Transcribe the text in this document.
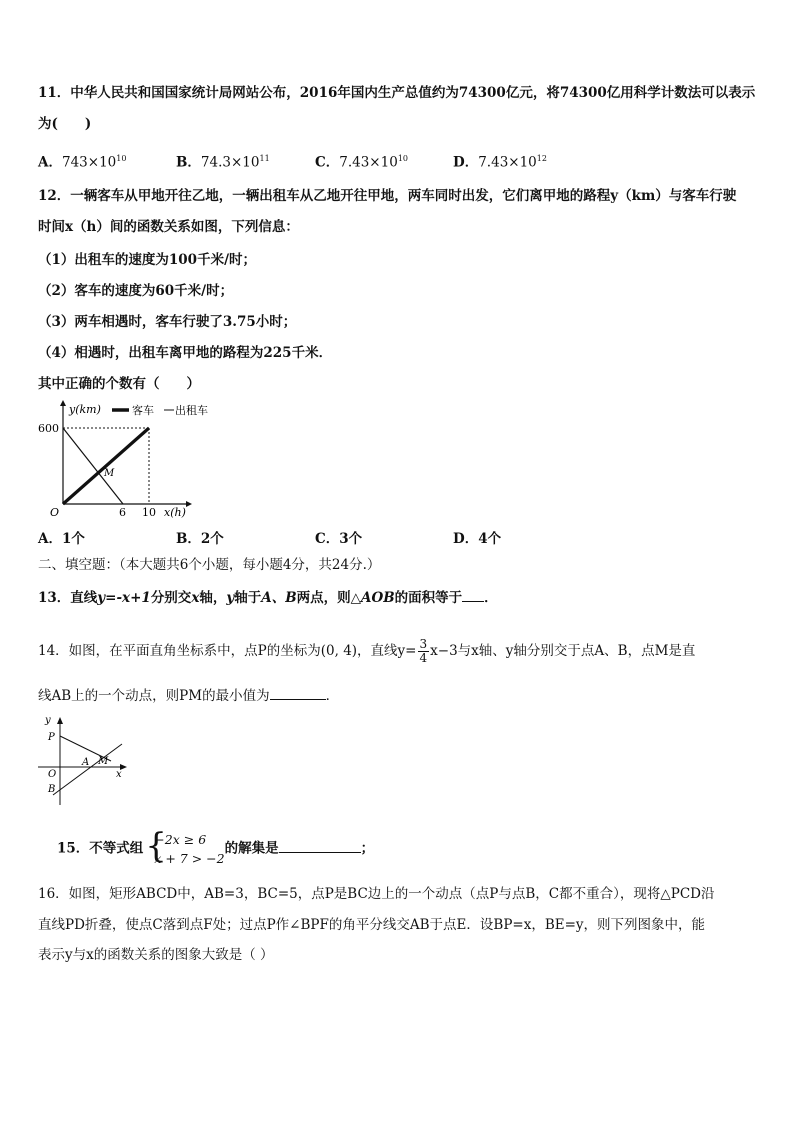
11．中华人民共和国国家统计局网站公布，2016年国内生产总值约为74300亿元，将74300亿用科学计数法可以表示
为(　　)
A．$743\times 10^{10}$	B．$74.3\times 10^{11}$	C．$7.43\times 10^{10}$	D．$7.43\times 10^{12}$
12．一辆客车从甲地开往乙地，一辆出租车从乙地开往甲地，两车同时出发，它们离甲地的路程y（km）与客车行驶
时间x（h）间的函数关系如图，下列信息：
（1）出租车的速度为100千米/时；
（2）客车的速度为60千米/时；
（3）两车相遇时，客车行驶了3.75小时；
（4）相遇时，出租车离甲地的路程为225千米．
其中正确的个数有（　　）
y(km)	客车 出租车
600
M
O	6 10 x(h)
A．1个	B．2个	C．3个	D．4个
二、填空题：（本大题共6个小题，每小题4分，共24分.）
13．直线y=-x+1分别交x轴，y轴于A、B两点，则△AOB的面积等于 ．
14．如图，在平面直角坐标系中，点P的坐标为(0, 4)，直线$y= \frac{3}{4} x-3$与x轴、y轴分别交于点A、B，点M是直
线AB上的一个动点，则PM的最小值为	．
y
P
A M
O	x
B
15．不等式组 {
−2x ≥ 6
x + 7 > −2
的解集是	；
16．如图，矩形ABCD中，AB=3，BC=5，点P是BC边上的一个动点（点P与点B，C都不重合），现将△PCD沿
直线PD折叠，使点C落到点F处；过点P作∠BPF的角平分线交AB于点E．设BP=x，BE=y，则下列图象中，能
表示y与x的函数关系的图象大致是（ ）
